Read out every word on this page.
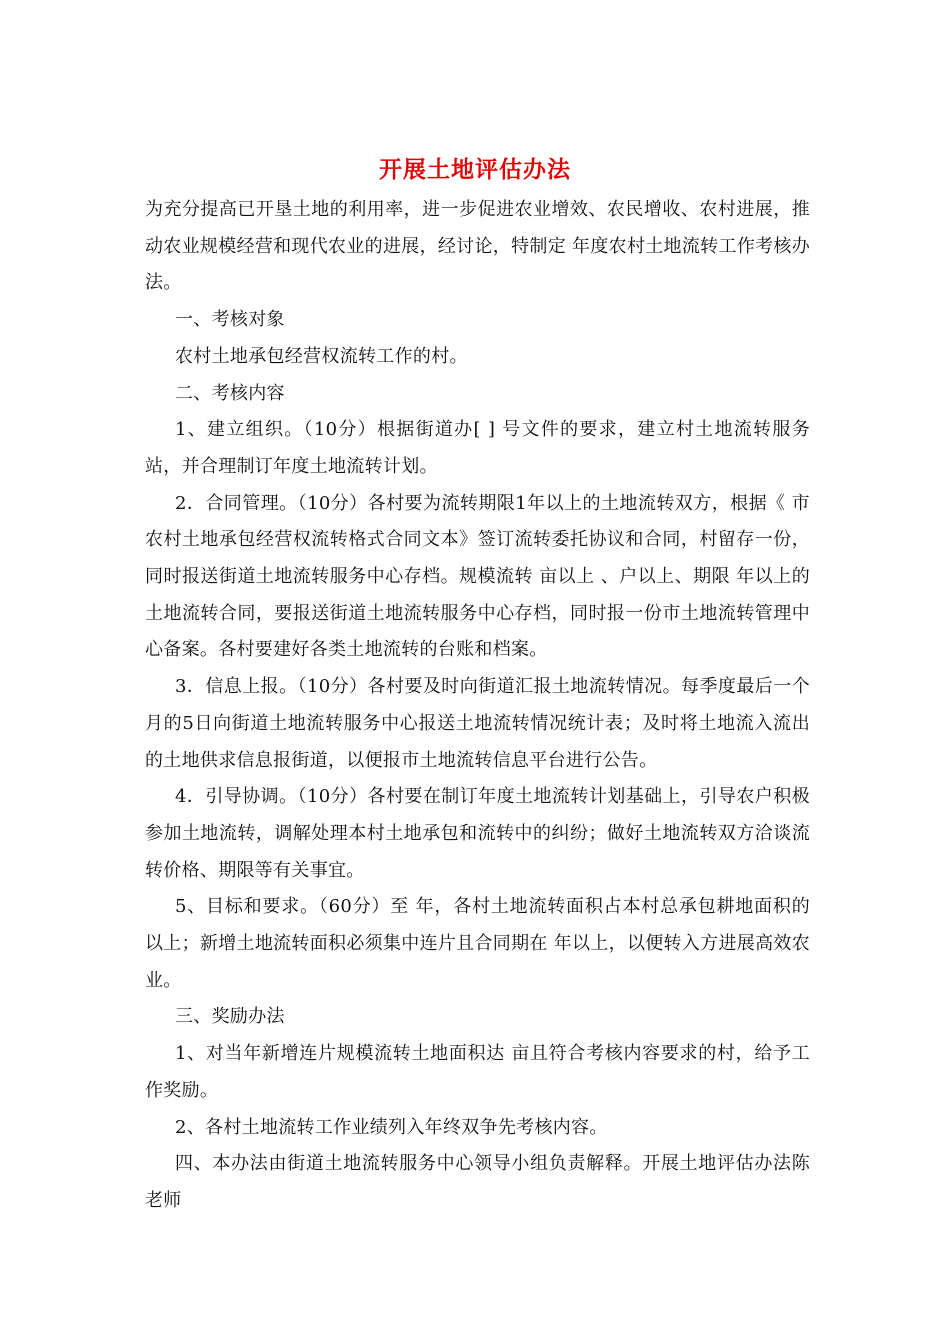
开展土地评估办法

为充分提高已开垦土地的利用率，进一步促进农业增效、农民增收、农村进展，推动农业规模经营和现代农业的进展，经讨论，特制定 年度农村土地流转工作考核办法。

一、考核对象

农村土地承包经营权流转工作的村。

二、考核内容

1、建立组织。（10分）根据街道办[ ] 号文件的要求，建立村土地流转服务站，并合理制订年度土地流转计划。

2．合同管理。（10分）各村要为流转期限1年以上的土地流转双方，根据《 市农村土地承包经营权流转格式合同文本》签订流转委托协议和合同，村留存一份，同时报送街道土地流转服务中心存档。规模流转 亩以上 、户以上、期限 年以上的土地流转合同，要报送街道土地流转服务中心存档，同时报一份市土地流转管理中心备案。各村要建好各类土地流转的台账和档案。

3．信息上报。（10分）各村要及时向街道汇报土地流转情况。每季度最后一个月的5日向街道土地流转服务中心报送土地流转情况统计表；及时将土地流入流出的土地供求信息报街道，以便报市土地流转信息平台进行公告。

4．引导协调。（10分）各村要在制订年度土地流转计划基础上，引导农户积极参加土地流转，调解处理本村土地承包和流转中的纠纷；做好土地流转双方洽谈流转价格、期限等有关事宜。

5、目标和要求。（60分）至 年，各村土地流转面积占本村总承包耕地面积的 以上；新增土地流转面积必须集中连片且合同期在 年以上，以便转入方进展高效农业。

三、奖励办法

1、对当年新增连片规模流转土地面积达 亩且符合考核内容要求的村，给予工作奖励。

2、各村土地流转工作业绩列入年终双争先考核内容。

四、本办法由街道土地流转服务中心领导小组负责解释。开展土地评估办法陈老师
